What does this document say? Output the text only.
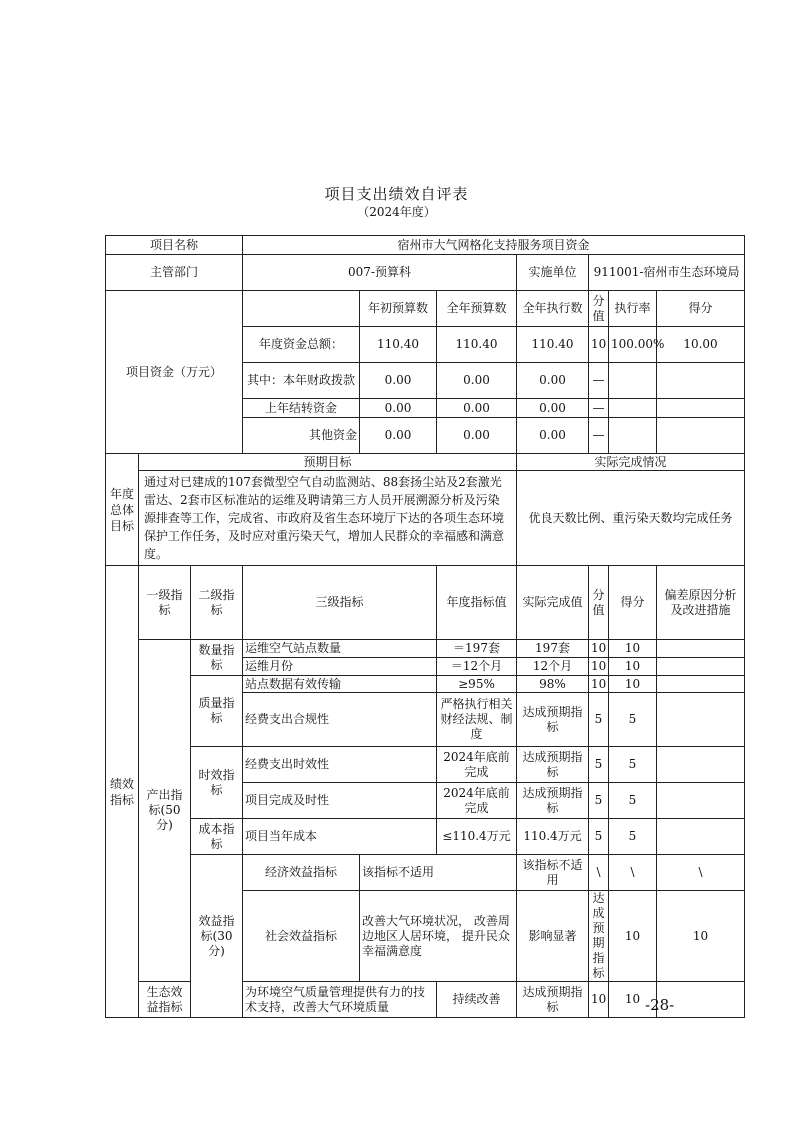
项目支出绩效自评表
（2024年度）
项目名称			宿州市大气网格化支持服务项目资金							
主管部门			007-预算科			实施单位	911001-宿州市生态环境局			
项目资金（万元）				年初预算数	全年预算数	全年执行数	分值	执行率	得分	
			年度资金总额：	110.40	110.40	110.40	10	100.00%	10.00	
			其中：本年财政拨款	0.00	0.00	0.00	—			
			上年结转资金	0.00	0.00	0.00	—			
			其他资金	0.00	0.00	0.00	—			
年度总体目标	预期目标					实际完成情况				
	通过对已建成的107套微型空气自动监测站、88套扬尘站及2套激光雷达、2套市区标准站的运维及聘请第三方人员开展溯源分析及污染源排查等工作，完成省、市政府及省生态环境厅下达的各项生态环境保护工作任务，及时应对重污染天气，增加人民群众的幸福感和满意度。					优良天数比例、重污染天数均完成任务				
绩效指标	一级指标	二级指标	三级指标		年度指标值	实际完成值	分值	得分	偏差原因分析及改进措施	
	产出指标(50分)	数量指标	运维空气站点数量		＝197套	197套	10	10		
			运维月份		＝12个月	12个月	10	10		
		质量指标	站点数据有效传输		≥95%	98%	10	10		
			经费支出合规性		严格执行相关财经法规、制度	达成预期指标	5	5		
		时效指标	经费支出时效性		2024年底前完成	达成预期指标	5	5		
			项目完成及时性		2024年底前完成	达成预期指标	5	5		
		成本指标	项目当年成本		≤110.4万元	110.4万元	5	5		
		效益指标(30分)	经济效益指标	该指标不适用		该指标不适用	\	\	\	
			社会效益指标	改善大气环境状况， 改善周边地区人居环境， 提升民众幸福满意度		影响显著	达成预期指标	10	10	
	生态效益指标		为环境空气质量管理提供有力的技术支持，改善大气环境质量		持续改善	达成预期指标	10	10		-28-
